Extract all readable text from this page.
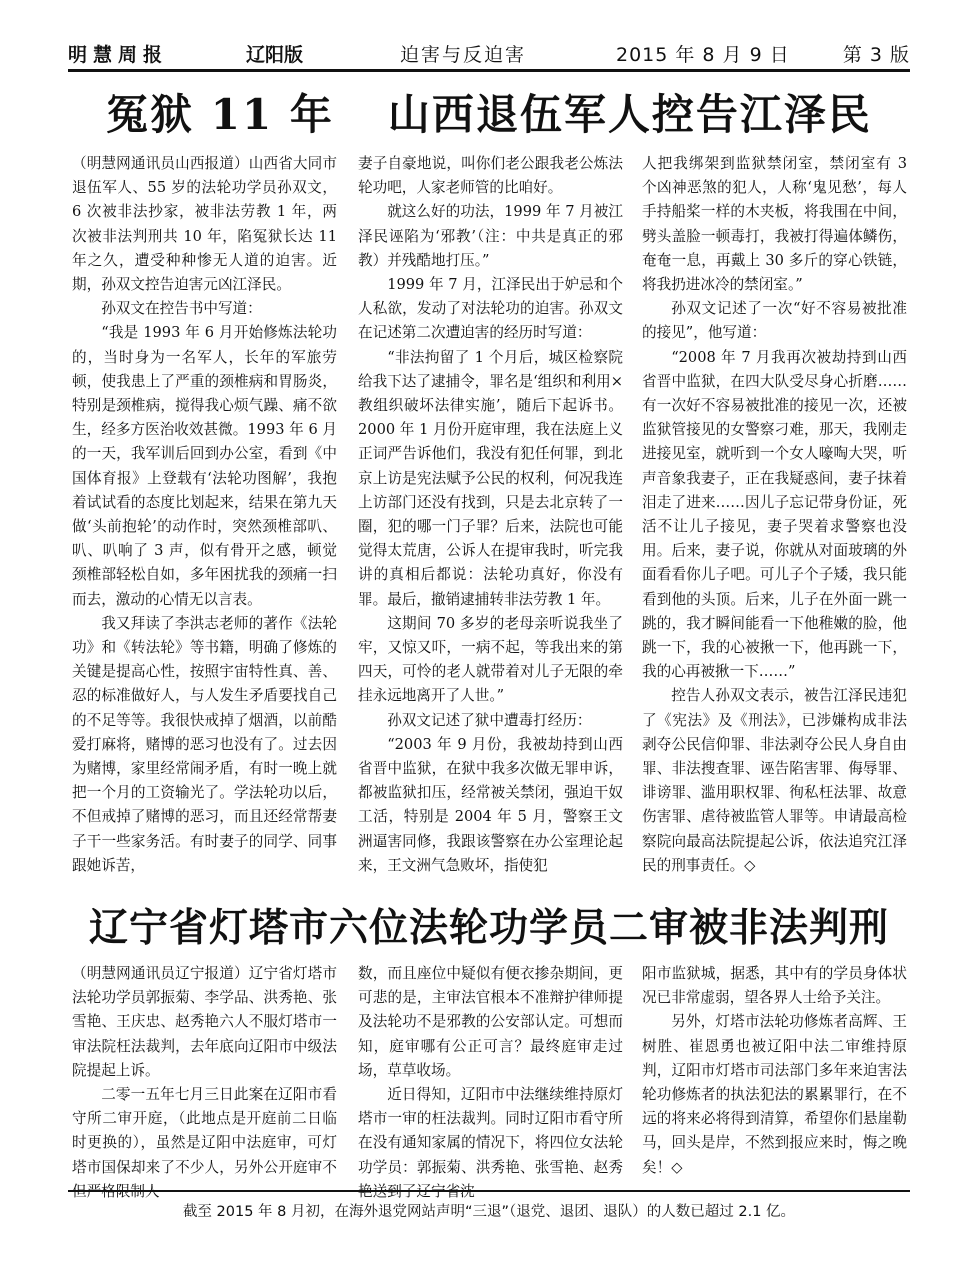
明慧周报	辽阳版	迫害与反迫害	2015 年 8 月 9 日	第 3 版
冤狱 11 年 山西退伍军人控告江泽民

（明慧网通讯员山西报道）山西省大同市退伍军人、55 岁的法轮功学员孙双文，6 次被非法抄家，被非法劳教 1 年，两次被非法判刑共 10 年，陷冤狱长达 11 年之久，遭受种种惨无人道的迫害。近期，孙双文控告迫害元凶江泽民。

孙双文在控告书中写道：

“我是 1993 年 6 月开始修炼法轮功的，当时身为一名军人，长年的军旅劳顿，使我患上了严重的颈椎病和胃肠炎，特别是颈椎病，搅得我心烦气躁、痛不欲生，经多方医治收效甚微。1993 年 6 月的一天，我军训后回到办公室，看到《中国体育报》上登载有‘法轮功图解’，我抱着试试看的态度比划起来，结果在第九天做‘头前抱轮’的动作时，突然颈椎部叭、叭、叭响了 3 声，似有骨开之感，顿觉颈椎部轻松自如，多年困扰我的颈痛一扫而去，激动的心情无以言表。

我又拜读了李洪志老师的著作《法轮功》和《转法轮》等书籍，明确了修炼的关键是提高心性，按照宇宙特性真、善、忍的标准做好人，与人发生矛盾要找自己的不足等等。我很快戒掉了烟酒，以前酷爱打麻将，赌博的恶习也没有了。过去因为赌博，家里经常闹矛盾，有时一晚上就把一个月的工资输光了。学法轮功以后，不但戒掉了赌博的恶习，而且还经常帮妻子干一些家务活。有时妻子的同学、同事跟她诉苦，

妻子自豪地说，叫你们老公跟我老公炼法轮功吧，人家老师管的比咱好。

就这么好的功法，1999 年 7 月被江泽民诬陷为‘邪教’（注：中共是真正的邪教）并残酷地打压。”

1999 年 7 月，江泽民出于妒忌和个人私欲，发动了对法轮功的迫害。孙双文在记述第二次遭迫害的经历时写道：

“非法拘留了 1 个月后，城区检察院给我下达了逮捕令，罪名是‘组织和利用×教组织破坏法律实施’，随后下起诉书。2000 年 1 月份开庭审理，我在法庭上义正词严告诉他们，我没有犯任何罪，到北京上访是宪法赋予公民的权利，何况我连上访部门还没有找到，只是去北京转了一圈，犯的哪一门子罪？后来，法院也可能觉得太荒唐，公诉人在提审我时，听完我讲的真相后都说：法轮功真好，你没有罪。最后，撤销逮捕转非法劳教 1 年。

这期间 70 多岁的老母亲听说我坐了牢，又惊又吓，一病不起，等我出来的第四天，可怜的老人就带着对儿子无限的牵挂永远地离开了人世。”

孙双文记述了狱中遭毒打经历：

“2003 年 9 月份，我被劫持到山西省晋中监狱，在狱中我多次做无罪申诉，都被监狱扣压，经常被关禁闭，强迫干奴工活，特别是 2004 年 5 月，警察王文洲逼害同修，我跟该警察在办公室理论起来，王文洲气急败坏，指使犯

人把我绑架到监狱禁闭室，禁闭室有 3 个凶神恶煞的犯人，人称‘鬼见愁’，每人手持船桨一样的木夹板，将我围在中间，劈头盖脸一顿毒打，我被打得遍体鳞伤，奄奄一息，再戴上 30 多斤的穿心铁链，将我扔进冰冷的禁闭室。”

孙双文记述了一次“好不容易被批准的接见”，他写道：

“2008 年 7 月我再次被劫持到山西省晋中监狱，在四大队受尽身心折磨……有一次好不容易被批准的接见一次，还被监狱管接见的女警察刁难，那天，我刚走进接见室，就听到一个女人嚎啕大哭，听声音象我妻子，正在我疑惑间，妻子抹着泪走了进来……因儿子忘记带身份证，死活不让儿子接见，妻子哭着求警察也没用。后来，妻子说，你就从对面玻璃的外面看看你儿子吧。可儿子个子矮，我只能看到他的头顶。后来，儿子在外面一跳一跳的，我才瞬间能看一下他稚嫩的脸，他跳一下，我的心被揪一下，他再跳一下，我的心再被揪一下……”

控告人孙双文表示，被告江泽民违犯了《宪法》及《刑法》，已涉嫌构成非法剥夺公民信仰罪、非法剥夺公民人身自由罪、非法搜查罪、诬告陷害罪、侮辱罪、诽谤罪、滥用职权罪、徇私枉法罪、故意伤害罪、虐待被监管人罪等。申请最高检察院向最高法院提起公诉，依法追究江泽民的刑事责任。◇

辽宁省灯塔市六位法轮功学员二审被非法判刑

（明慧网通讯员辽宁报道）辽宁省灯塔市法轮功学员郭振菊、李学品、洪秀艳、张雪艳、王庆忠、赵秀艳六人不服灯塔市一审法院枉法裁判，去年底向辽阳市中级法院提起上诉。

二零一五年七月三日此案在辽阳市看守所二审开庭，（此地点是开庭前二日临时更换的），虽然是辽阳中法庭审，可灯塔市国保却来了不少人，另外公开庭审不但严格限制人

数，而且座位中疑似有便衣掺杂期间，更可悲的是，主审法官根本不准辩护律师提及法轮功不是邪教的公安部认定。可想而知，庭审哪有公正可言？最终庭审走过场，草草收场。

近日得知，辽阳市中法继续维持原灯塔市一审的枉法裁判。同时辽阳市看守所在没有通知家属的情况下，将四位女法轮功学员：郭振菊、洪秀艳、张雪艳、赵秀艳送到了辽宁省沈

阳市监狱城，据悉，其中有的学员身体状况已非常虚弱，望各界人士给予关注。

另外，灯塔市法轮功修炼者高辉、王树胜、崔恩勇也被辽阳中法二审维持原判，辽阳市灯塔市司法部门多年来迫害法轮功修炼者的执法犯法的累累罪行，在不远的将来必将得到清算，希望你们悬崖勒马，回头是岸，不然到报应来时，悔之晚矣！◇

截至 2015 年 8 月初，在海外退党网站声明“三退”（退党、退团、退队）的人数已超过 2.1 亿。
